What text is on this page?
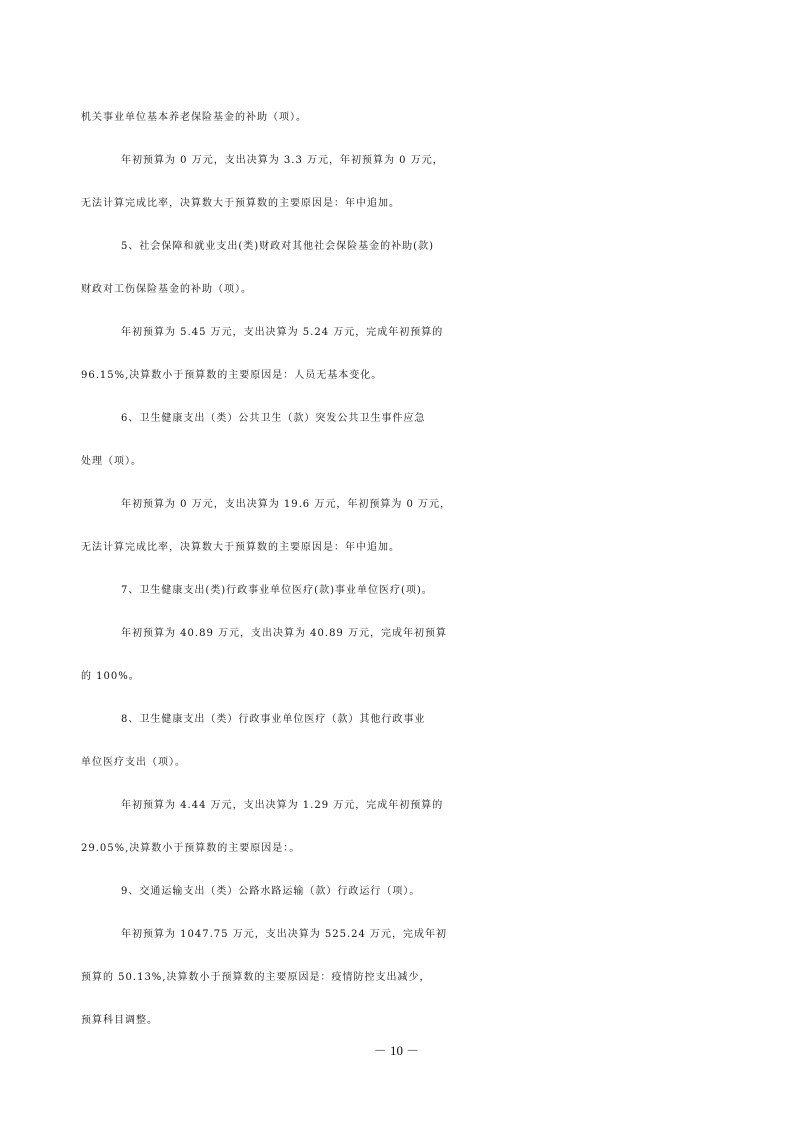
机关事业单位基本养老保险基金的补助（项）。
年初预算为 0 万元，支出决算为 3.3 万元，年初预算为 0 万元，
无法计算完成比率，决算数大于预算数的主要原因是：年中追加。
5、社会保障和就业支出(类)财政对其他社会保险基金的补助(款)
财政对工伤保险基金的补助（项）。
年初预算为 5.45 万元，支出决算为 5.24 万元，完成年初预算的
96.15%,决算数小于预算数的主要原因是：人员无基本变化。
6、卫生健康支出（类）公共卫生（款）突发公共卫生事件应急
处理（项）。
年初预算为 0 万元，支出决算为 19.6 万元，年初预算为 0 万元，
无法计算完成比率，决算数大于预算数的主要原因是：年中追加。
7、卫生健康支出(类)行政事业单位医疗(款)事业单位医疗(项)。
年初预算为 40.89 万元，支出决算为 40.89 万元，完成年初预算
的 100%。
8、卫生健康支出（类）行政事业单位医疗（款）其他行政事业
单位医疗支出（项）。
年初预算为 4.44 万元，支出决算为 1.29 万元，完成年初预算的
29.05%,决算数小于预算数的主要原因是：。
9、交通运输支出（类）公路水路运输（款）行政运行（项）。
年初预算为 1047.75 万元，支出决算为 525.24 万元，完成年初
预算的 50.13%,决算数小于预算数的主要原因是：疫情防控支出减少，
预算科目调整。
－ 10 －
